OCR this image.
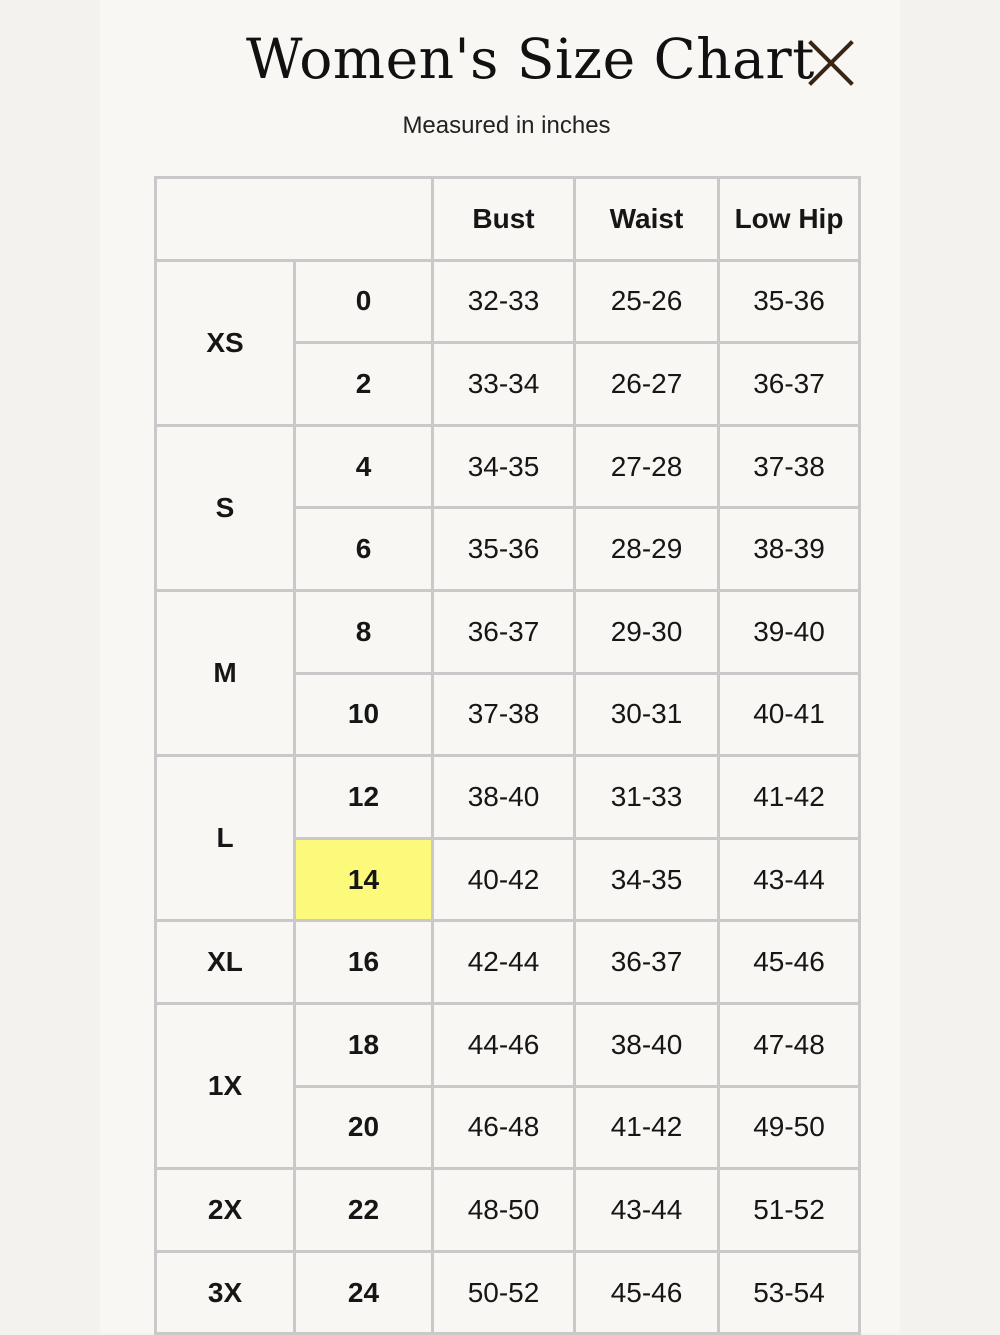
Women's Size Chart
Measured in inches
		Bust	Waist	Low Hip
XS	0	32-33	25-26	35-36
	2	33-34	26-27	36-37
S	4	34-35	27-28	37-38
	6	35-36	28-29	38-39
M	8	36-37	29-30	39-40
	10	37-38	30-31	40-41
L	12	38-40	31-33	41-42
	14	40-42	34-35	43-44
XL	16	42-44	36-37	45-46
1X	18	44-46	38-40	47-48
	20	46-48	41-42	49-50
2X	22	48-50	43-44	51-52
3X	24	50-52	45-46	53-54
